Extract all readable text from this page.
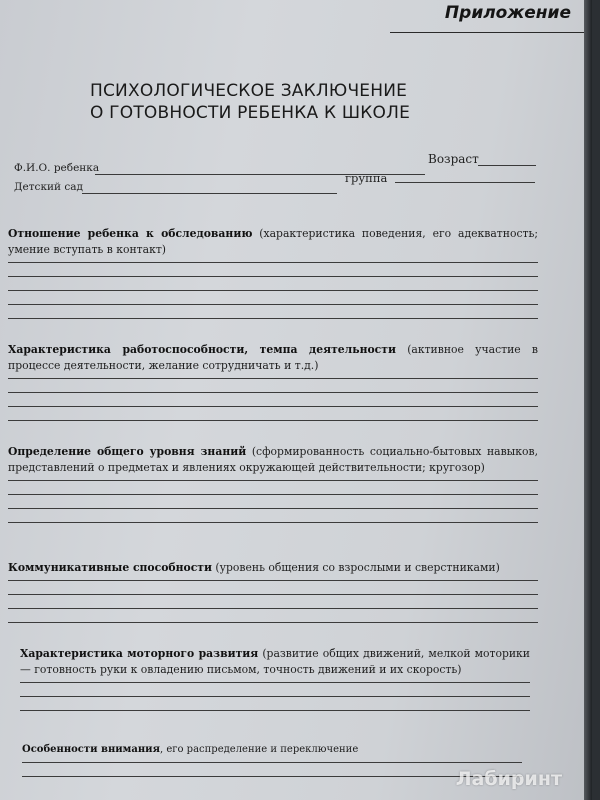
Приложение
ПСИХОЛОГИЧЕСКОЕ ЗАКЛЮЧЕНИЕ
О ГОТОВНОСТИ РЕБЕНКА К ШКОЛЕ
Ф.И.О. ребенка
Возраст
Детский сад
группа

Отношение ребенка к обследованию (характеристика поведения, его адекватность; умение вступать в контакт)

Характеристика работоспособности, темпа деятельности (активное участие в процессе деятельности, желание сотрудничать и т.д.)

Определение общего уровня знаний (сформированность социально-бытовых навыков, представлений о предметах и явлениях окружающей действительности; кругозор)

Коммуникативные способности (уровень общения со взрослыми и сверстниками)

Характеристика моторного развития (развитие общих движений, мелкой моторики — готовность руки к овладению письмом, точность движений и их скорость)

Особенности внимания, его распределение и переключение

Лабиринт
